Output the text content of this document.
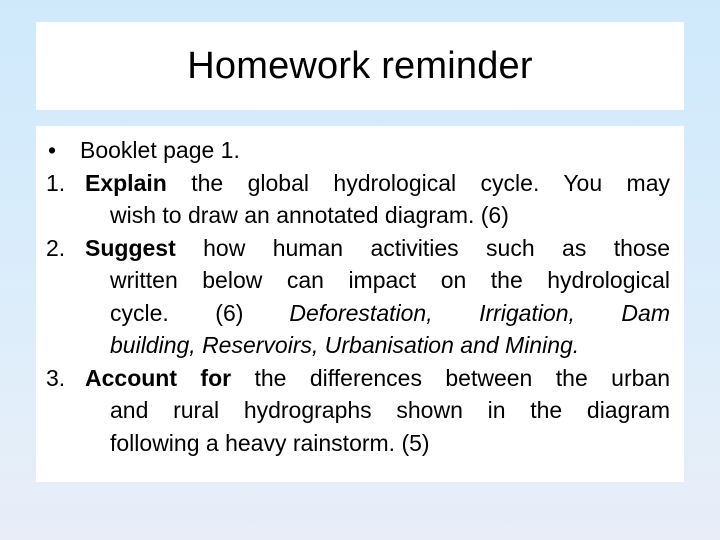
Homework reminder
• Booklet page 1.
1. Explain the global hydrological cycle. You may
wish to draw an annotated diagram. (6)
2. Suggest how human activities such as those
written below can impact on the hydrological
cycle. (6) Deforestation, Irrigation, Dam
building, Reservoirs, Urbanisation and Mining.
3. Account for the differences between the urban
and rural hydrographs shown in the diagram
following a heavy rainstorm. (5)
